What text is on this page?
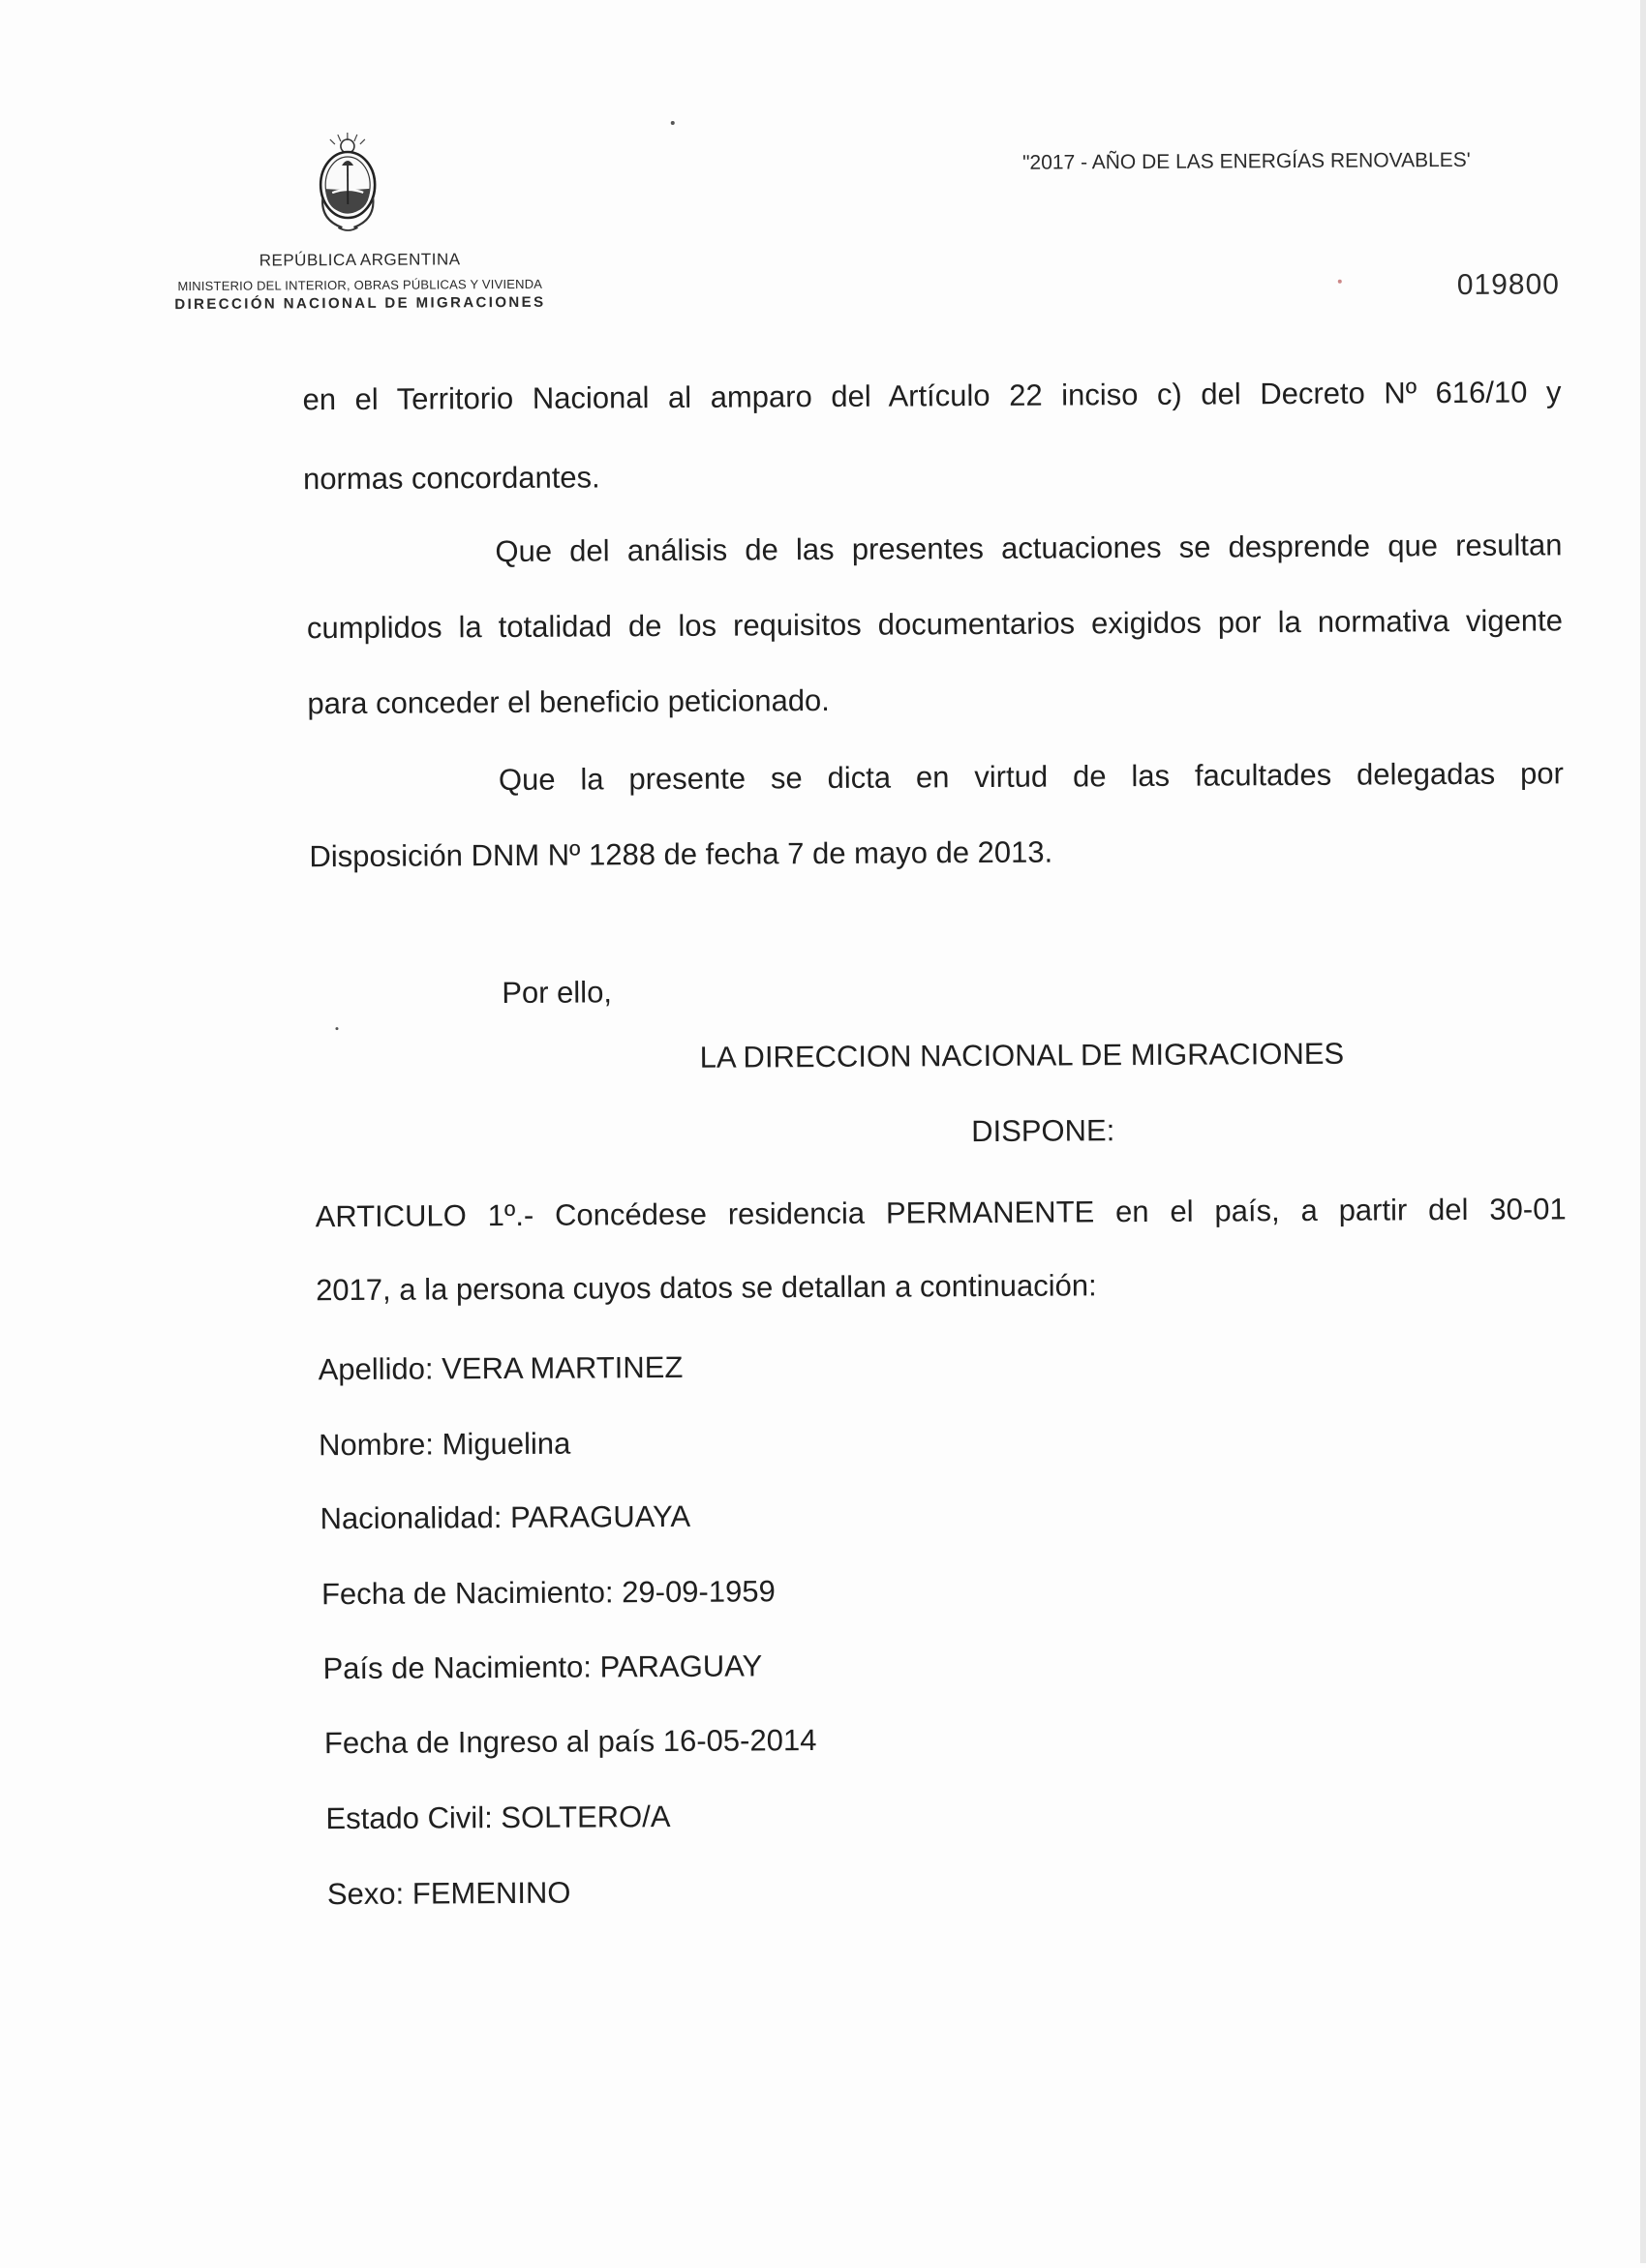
REPÚBLICA ARGENTINA
MINISTERIO DEL INTERIOR, OBRAS PÚBLICAS Y VIVIENDA
DIRECCIÓN NACIONAL DE MIGRACIONES
"2017 - AÑO DE LAS ENERGÍAS RENOVABLES'
019800
en el Territorio Nacional al amparo del Artículo 22 inciso c) del Decreto Nº 616/10 y
normas concordantes.
Que del análisis de las presentes actuaciones se desprende que resultan
cumplidos la totalidad de los requisitos documentarios exigidos por la normativa vigente
para conceder el beneficio peticionado.
Que la presente se dicta en virtud de las facultades delegadas por
Disposición DNM Nº 1288 de fecha 7 de mayo de 2013.
Por ello,
LA DIRECCION NACIONAL DE MIGRACIONES
DISPONE:
ARTICULO 1º.- Concédese residencia PERMANENTE en el país, a partir del 30-01
2017, a la persona cuyos datos se detallan a continuación:
Apellido: VERA MARTINEZ
Nombre: Miguelina
Nacionalidad: PARAGUAYA
Fecha de Nacimiento: 29-09-1959
País de Nacimiento: PARAGUAY
Fecha de Ingreso al país 16-05-2014
Estado Civil: SOLTERO/A
Sexo: FEMENINO
